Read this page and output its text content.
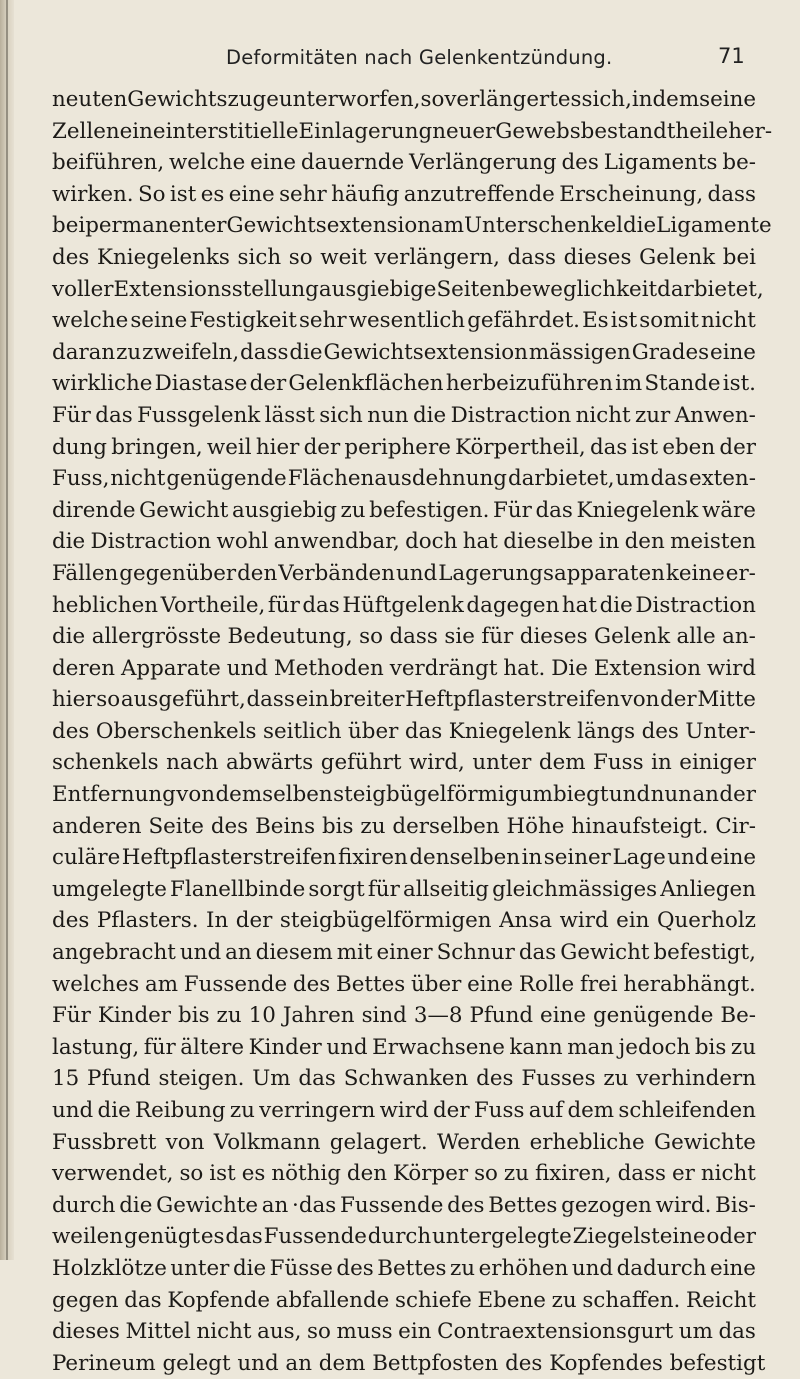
Deformitäten nach Gelenkentzündung.	71
neuten Gewichtszuge unterworfen, so verlängert es sich, indem seine
Zellen eine interstitielle Einlagerung neuer Gewebsbestandtheile her-
beiführen, welche eine dauernde Verlängerung des Ligaments be-
wirken. So ist es eine sehr häufig anzutreffende Erscheinung, dass
bei permanenter Gewichtsextension am Unterschenkel die Ligamente
des Kniegelenks sich so weit verlängern, dass dieses Gelenk bei
voller Extensionsstellung ausgiebige Seitenbeweglichkeit darbietet,
welche seine Festigkeit sehr wesentlich gefährdet. Es ist somit nicht
daran zu zweifeln, dass die Gewichtsextension mässigen Grades eine
wirkliche Diastase der Gelenkflächen herbeizuführen im Stande ist.
Für das Fussgelenk lässt sich nun die Distraction nicht zur Anwen-
dung bringen, weil hier der periphere Körpertheil, das ist eben der
Fuss, nicht genügende Flächenausdehnung darbietet, um das exten-
dirende Gewicht ausgiebig zu befestigen. Für das Kniegelenk wäre
die Distraction wohl anwendbar, doch hat dieselbe in den meisten
Fällen gegenüber den Verbänden und Lagerungsapparaten keine er-
heblichen Vortheile, für das Hüftgelenk dagegen hat die Distraction
die allergrösste Bedeutung, so dass sie für dieses Gelenk alle an-
deren Apparate und Methoden verdrängt hat. Die Extension wird
hier so ausgeführt, dass ein breiter Heftpflasterstreifen von der Mitte
des Oberschenkels seitlich über das Kniegelenk längs des Unter-
schenkels nach abwärts geführt wird, unter dem Fuss in einiger
Entfernung von demselben steigbügelförmig umbiegt und nun an der
anderen Seite des Beins bis zu derselben Höhe hinaufsteigt. Cir-
culäre Heftpflasterstreifen fixiren denselben in seiner Lage und eine
umgelegte Flanellbinde sorgt für allseitig gleichmässiges Anliegen
des Pflasters. In der steigbügelförmigen Ansa wird ein Querholz
angebracht und an diesem mit einer Schnur das Gewicht befestigt,
welches am Fussende des Bettes über eine Rolle frei herabhängt.
Für Kinder bis zu 10 Jahren sind 3—8 Pfund eine genügende Be-
lastung, für ältere Kinder und Erwachsene kann man jedoch bis zu
15 Pfund steigen. Um das Schwanken des Fusses zu verhindern
und die Reibung zu verringern wird der Fuss auf dem schleifenden
Fussbrett von Volkmann gelagert. Werden erhebliche Gewichte
verwendet, so ist es nöthig den Körper so zu fixiren, dass er nicht
durch die Gewichte an ·das Fussende des Bettes gezogen wird. Bis-
weilen genügt es das Fussende durch untergelegte Ziegelsteine oder
Holzklötze unter die Füsse des Bettes zu erhöhen und dadurch eine
gegen das Kopfende abfallende schiefe Ebene zu schaffen. Reicht
dieses Mittel nicht aus, so muss ein Contraextensionsgurt um das
Perineum gelegt und an dem Bettpfosten des Kopfendes befestigt
